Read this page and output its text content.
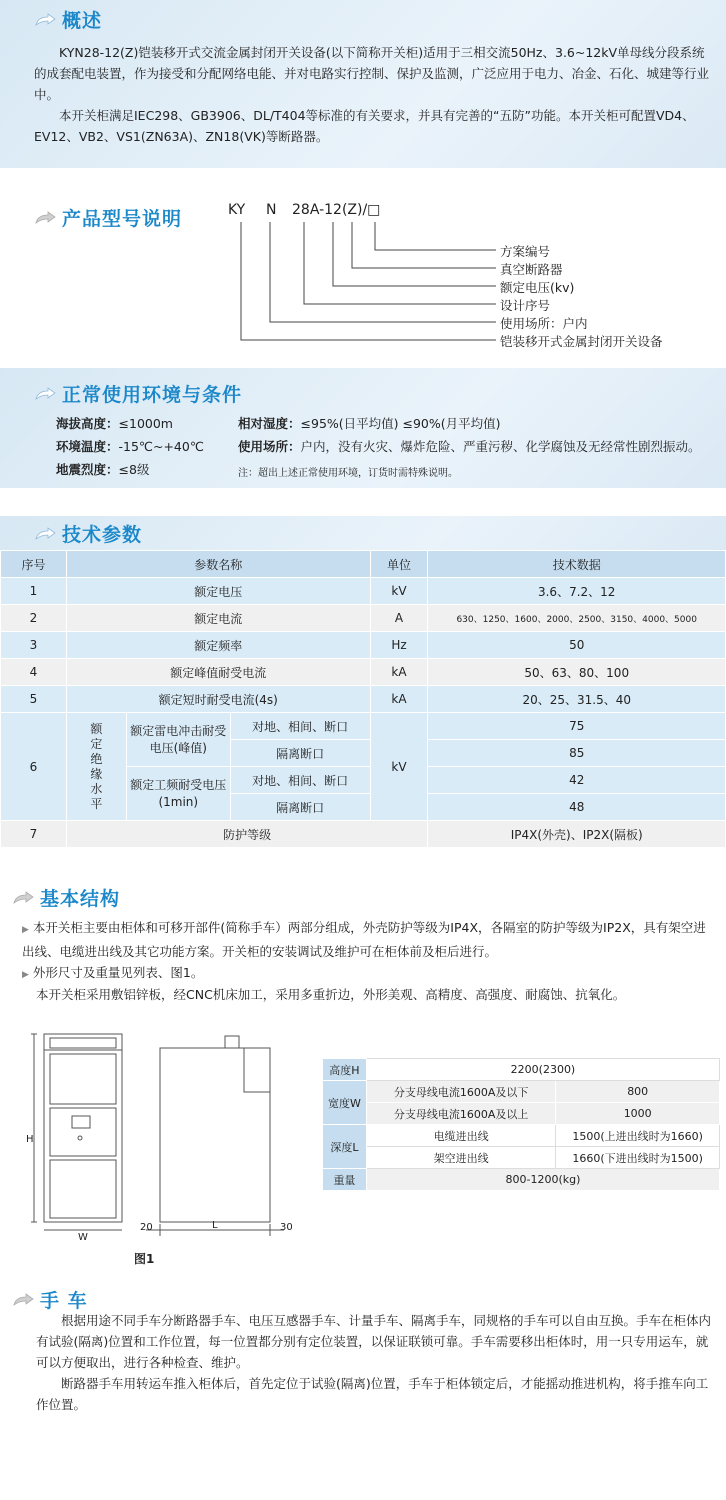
概述

KYN28-12(Z)铠装移开式交流金属封闭开关设备(以下简称开关柜)适用于三相交流50Hz、3.6~12kV单母线分段系统的成套配电装置，作为接受和分配网络电能、并对电路实行控制、保护及监测，广泛应用于电力、冶金、石化、城建等行业中。

本开关柜满足IEC298、GB3906、DL/T404等标准的有关要求，并具有完善的“五防”功能。本开关柜可配置VD4、EV12、VB2、VS1(ZN63A)、ZN18(VK)等断路器。

产品型号说明	KY N 28A-12(Z)/□
方案编号
真空断路器
额定电压(kv)
设计序号
使用场所：户内
铠装移开式金属封闭开关设备
正常使用环境与条件
海拔高度：≤1000m
环境温度：-15℃~+40℃
地震烈度：≤8级
相对湿度：≤95%(日平均值) ≤90%(月平均值)
使用场所：户内，没有火灾、爆炸危险、严重污秽、化学腐蚀及无经常性剧烈振动。
注：超出上述正常使用环境，订货时需特殊说明。
技术参数
序号	参数名称			单位	技术数据
1	额定电压			kV	3.6、7.2、12
2	额定电流			A	630、1250、1600、2000、2500、3150、4000、5000
3	额定频率			Hz	50
4	额定峰值耐受电流			kA	50、63、80、100
5	额定短时耐受电流(4s)			kA	20、25、31.5、40
6	额定绝缘水平	额定雷电冲击耐受电压(峰值)	对地、相间、断口	kV	75
			隔离断口		85
		额定工频耐受电压(1min)	对地、相间、断口		42
			隔离断口		48
7	防护等级				IP4X(外壳)、IP2X(隔板)
基本结构
▶ 本开关柜主要由柜体和可移开部件(简称手车）两部分组成，外壳防护等级为IP4X，各隔室的防护等级为IP2X，具有架空进出线、电缆进出线及其它功能方案。开关柜的安装调试及维护可在柜体前及柜后进行。
▶ 外形尺寸及重量见列表、图1。
本开关柜采用敷铝锌板，经CNC机床加工，采用多重折边，外形美观、高精度、高强度、耐腐蚀、抗氧化。
H
W
L
20	30
图1
高度H	2200(2300)	
宽度W	分支母线电流1600A及以下	800
	分支母线电流1600A及以上	1000
深度L	电缆进出线	1500(上进出线时为1660)
	架空进出线	1660(下进出线时为1500)
重量	800-1200(kg)	
手 车

根据用途不同手车分断路器手车、电压互感器手车、计量手车、隔离手车，同规格的手车可以自由互换。手车在柜体内有试验(隔离)位置和工作位置，每一位置都分别有定位装置，以保证联锁可靠。手车需要移出柜体时，用一只专用运车，就可以方便取出，进行各种检查、维护。

断路器手车用转运车推入柜体后，首先定位于试验(隔离)位置，手车于柜体锁定后，才能摇动推进机构，将手推车向工作位置。
